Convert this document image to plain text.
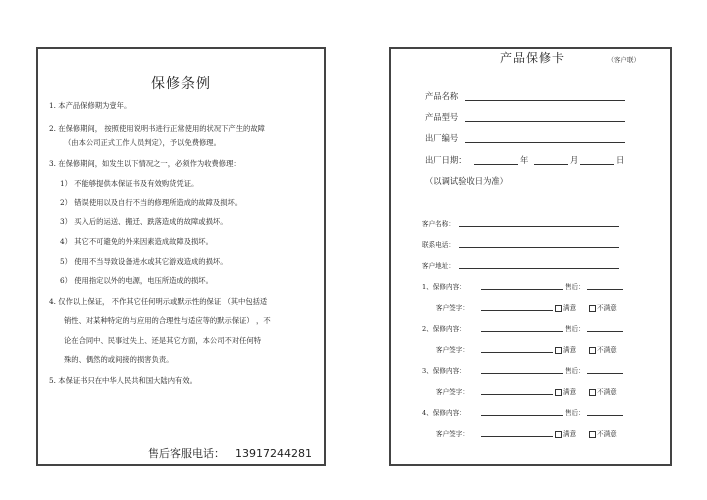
保修条例
1. 本产品保修期为壹年。
2. 在保修期间， 按照使用说明书进行正常使用的状况下产生的故障
（由本公司正式工作人员判定），予以免费修理。
3. 在保修期间，如发生以下情况之一，必须作为收费修理：
1） 不能够提供本保证书及有效购货凭证。
2） 错误使用以及自行不当的修理所造成的故障及损坏。
3） 买入后的运送、搬迁、跌落造成的故障或损坏。
4） 其它不可避免的外来因素造成故障及损坏。
5） 使用不当导致设备进水或其它游戏造成的损坏。
6） 使用指定以外的电源，电压所造成的损坏。
4. 仅作以上保证， 不作其它任何明示或默示性的保证 （其中包括适
销性、对某种特定的与应用的合理性与适应等的默示保证） ，不
论在合同中、民事过失上、还是其它方面，本公司不对任何特
殊的、偶然的或间接的损害负责。
5. 本保证书只在中华人民共和国大陆内有效。
售后客服电话： 13917244281
产品保修卡	（客户联）
产品名称
产品型号
出厂编号
出厂日期：	年	月	日
（以调试验收日为准）
客户名称：
联系电话：
客户地址：
1、保修内容：	售后：
客户签字：	满意	不满意
2、保修内容：	售后：
客户签字：	满意	不满意
3、保修内容：	售后：
客户签字：	满意	不满意
4、保修内容：	售后：
客户签字：	满意	不满意
